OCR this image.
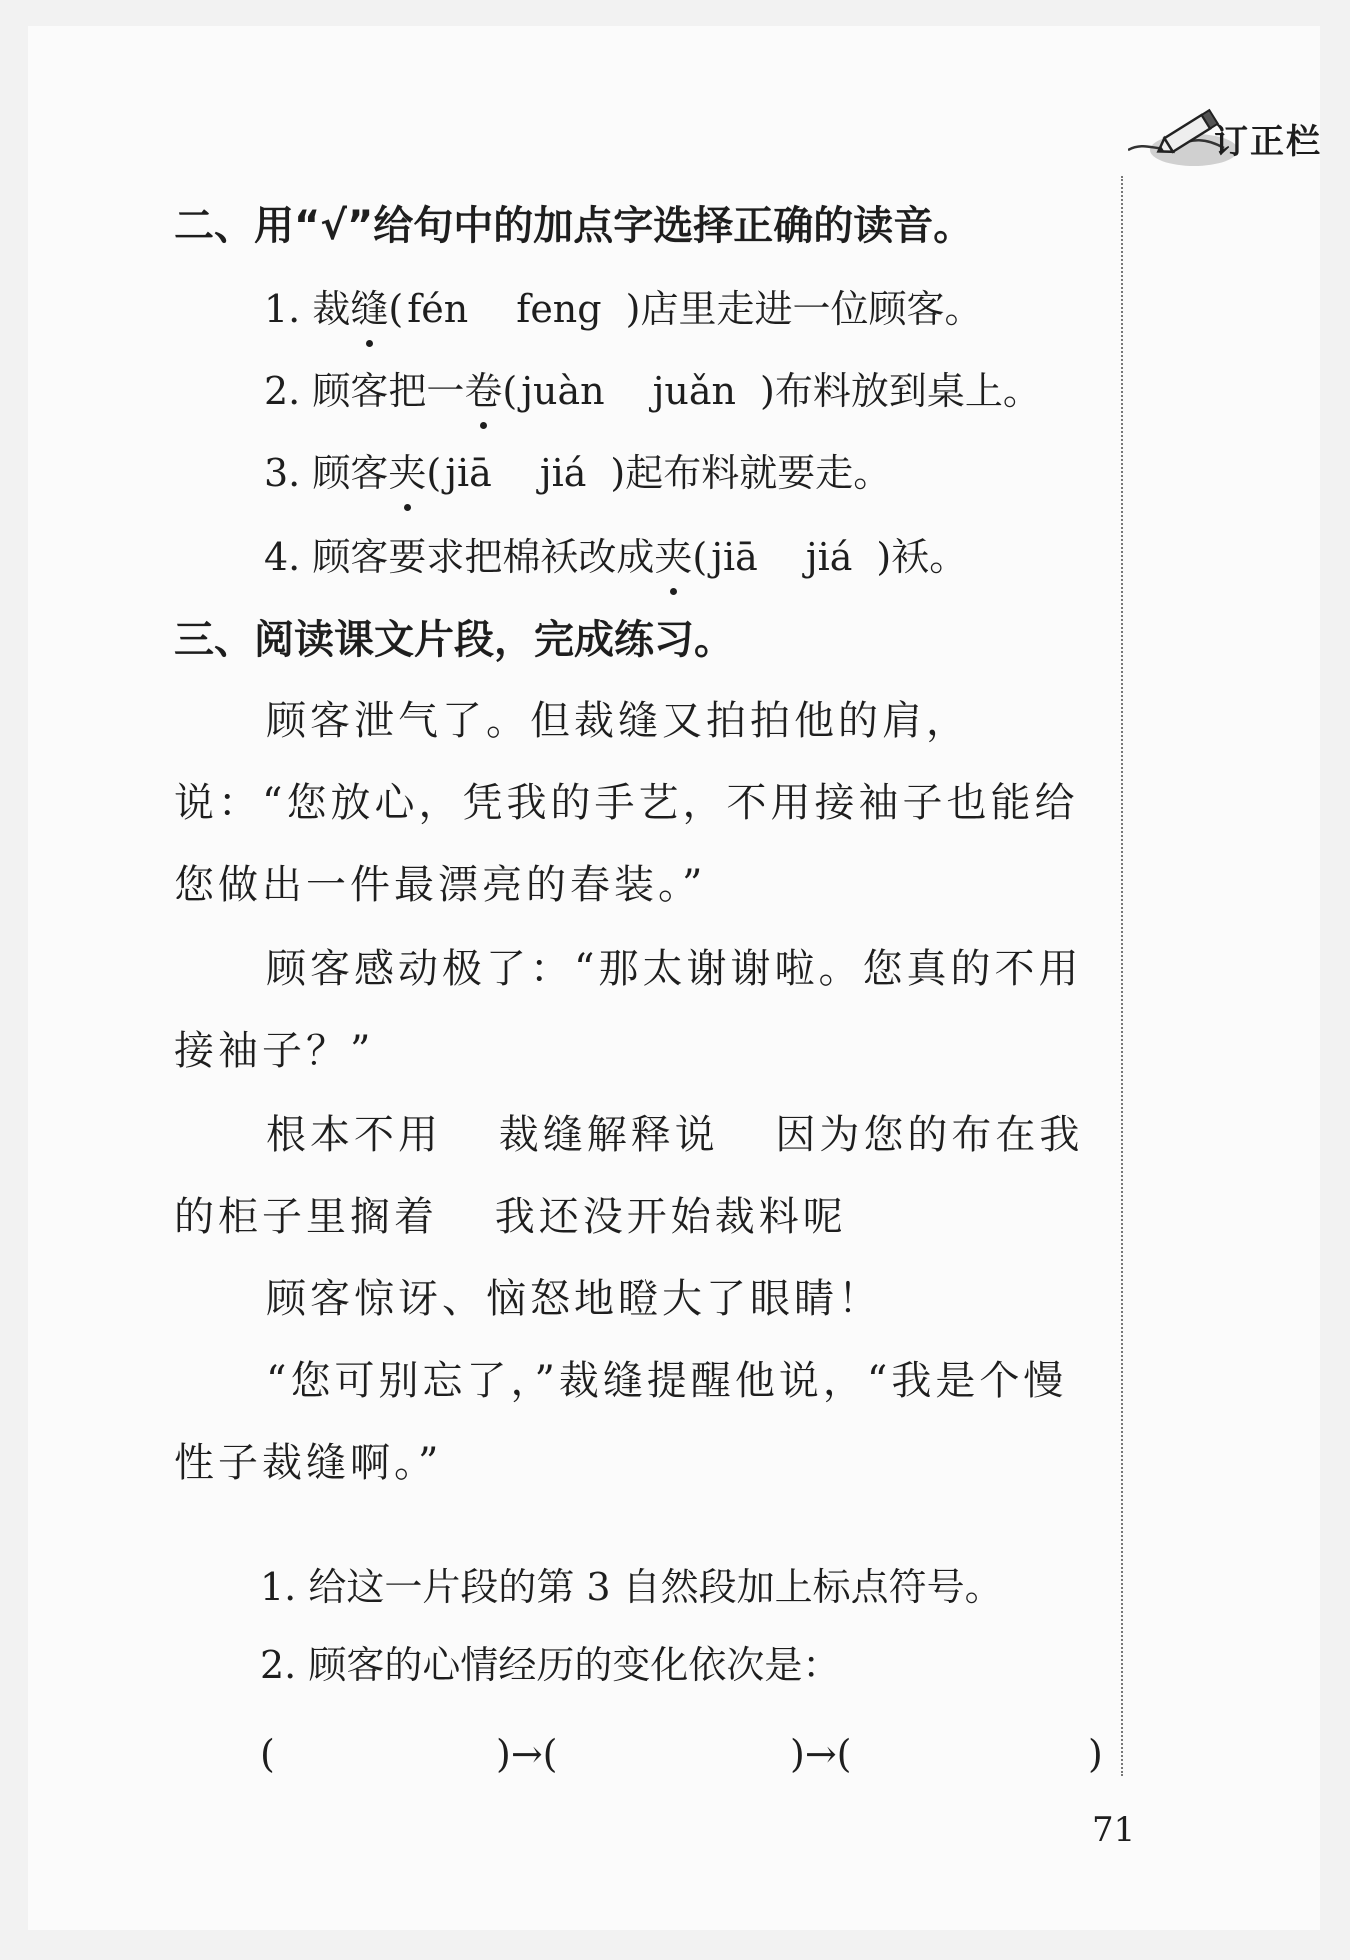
订正栏
二、用“√”给句中的加点字选择正确的读音。
1. 裁缝( fén feng )店里走进一位顾客。
2. 顾客把一卷( juàn juǎn )布料放到桌上。
3. 顾客夹( jiā jiá )起布料就要走。
4. 顾客要求把棉袄改成夹( jiā jiá )袄。
三、阅读课文片段，完成练习。

顾客泄气了。但裁缝又拍拍他的肩，说：“您放心，凭我的手艺，不用接袖子也能给您做出一件最漂亮的春装。”

顾客感动极了：“那太谢谢啦。您真的不用接袖子？”

根本不用 裁缝解释说 因为您的布在我的柜子里搁着 我还没开始裁料呢

顾客惊讶、恼怒地瞪大了眼睛！

“您可别忘了，”裁缝提醒他说，“我是个慢性子裁缝啊。”

1. 给这一片段的第 3 自然段加上标点符号。
2. 顾客的心情经历的变化依次是：
(	)→(	)→(	)
71
